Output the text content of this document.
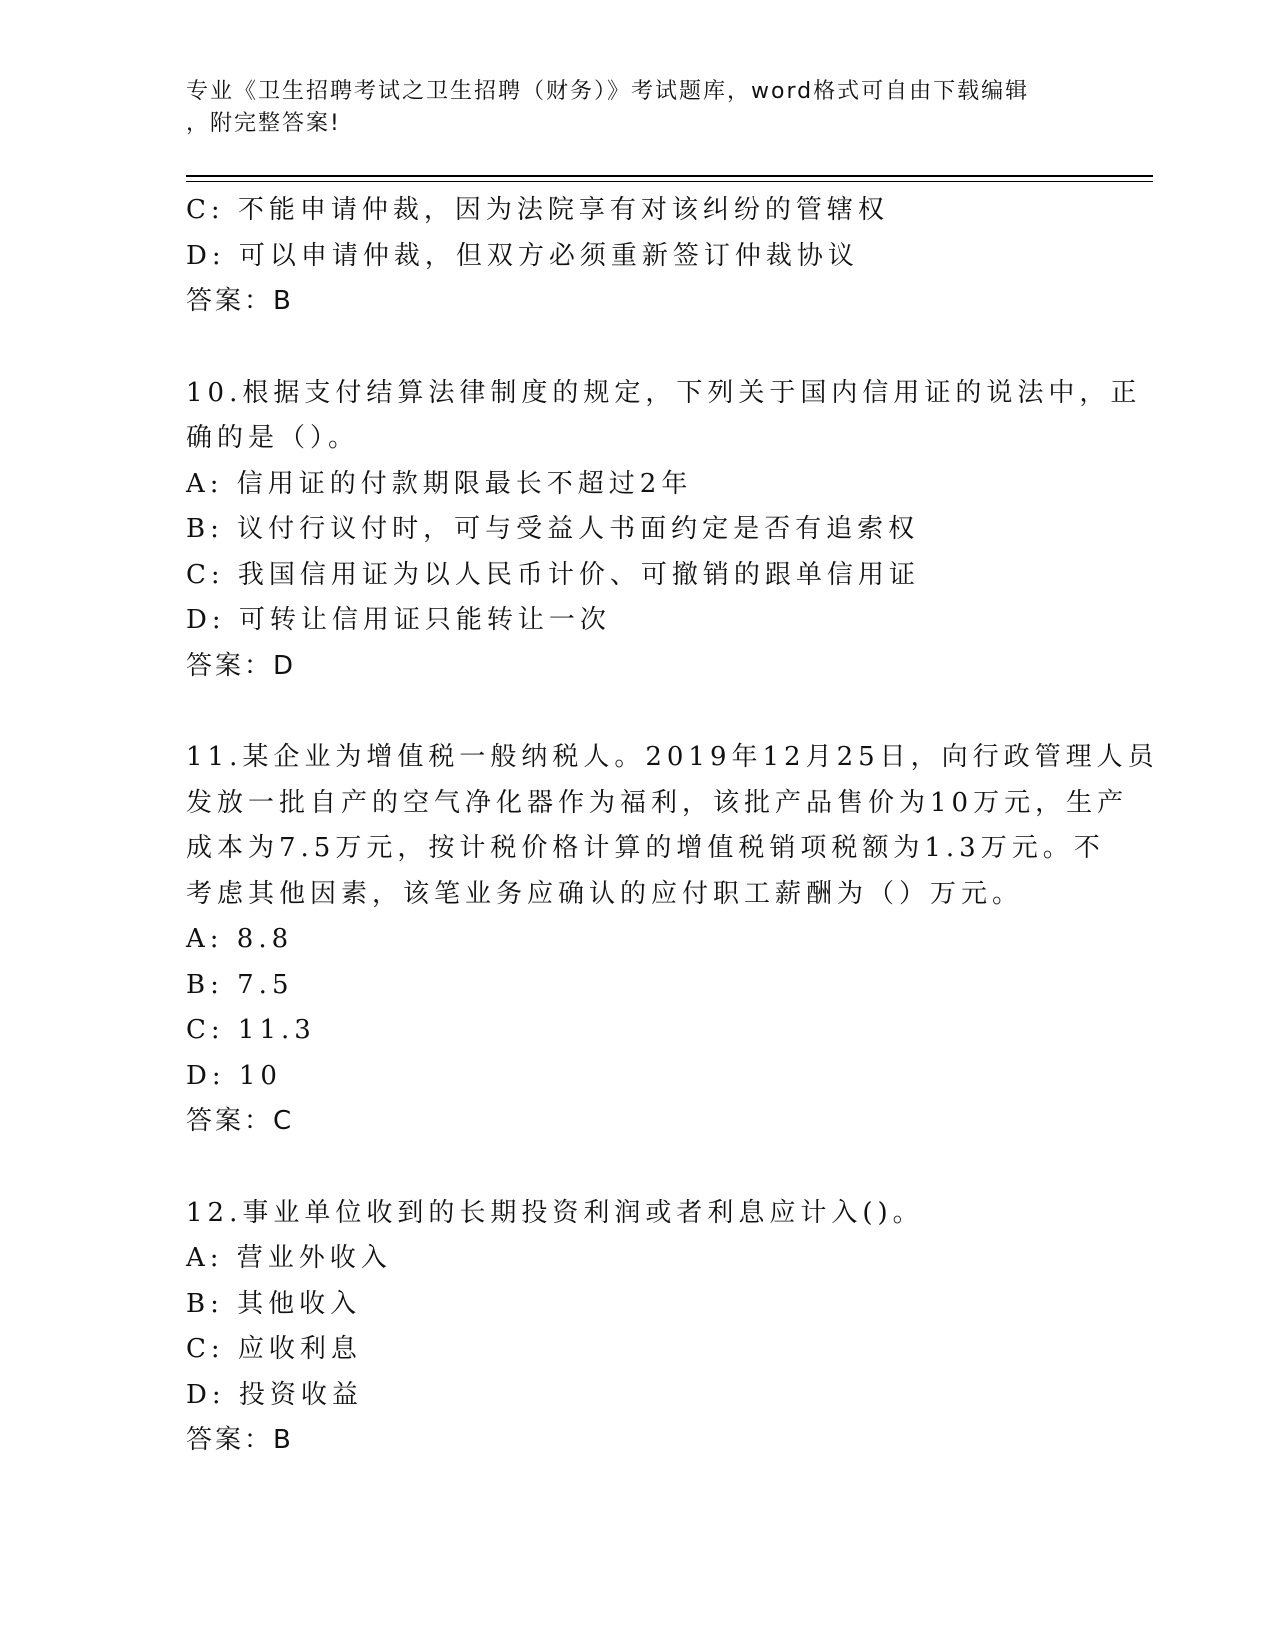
专业《卫生招聘考试之卫生招聘（财务）》考试题库，word格式可自由下载编辑
，附完整答案!
C: 不能申请仲裁，因为法院享有对该纠纷的管辖权
D: 可以申请仲裁，但双方必须重新签订仲裁协议
答案：B
10.根据支付结算法律制度的规定，下列关于国内信用证的说法中，正
确的是（）。
A: 信用证的付款期限最长不超过2年
B: 议付行议付时，可与受益人书面约定是否有追索权
C: 我国信用证为以人民币计价、可撤销的跟单信用证
D: 可转让信用证只能转让一次
答案：D
11.某企业为增值税一般纳税人。2019年12月25日，向行政管理人员
发放一批自产的空气净化器作为福利，该批产品售价为10万元，生产
成本为7.5万元，按计税价格计算的增值税销项税额为1.3万元。不
考虑其他因素，该笔业务应确认的应付职工薪酬为（）万元。
A: 8.8
B: 7.5
C: 11.3
D: 10
答案：C
12.事业单位收到的长期投资利润或者利息应计入()。
A: 营业外收入
B: 其他收入
C: 应收利息
D: 投资收益
答案：B
